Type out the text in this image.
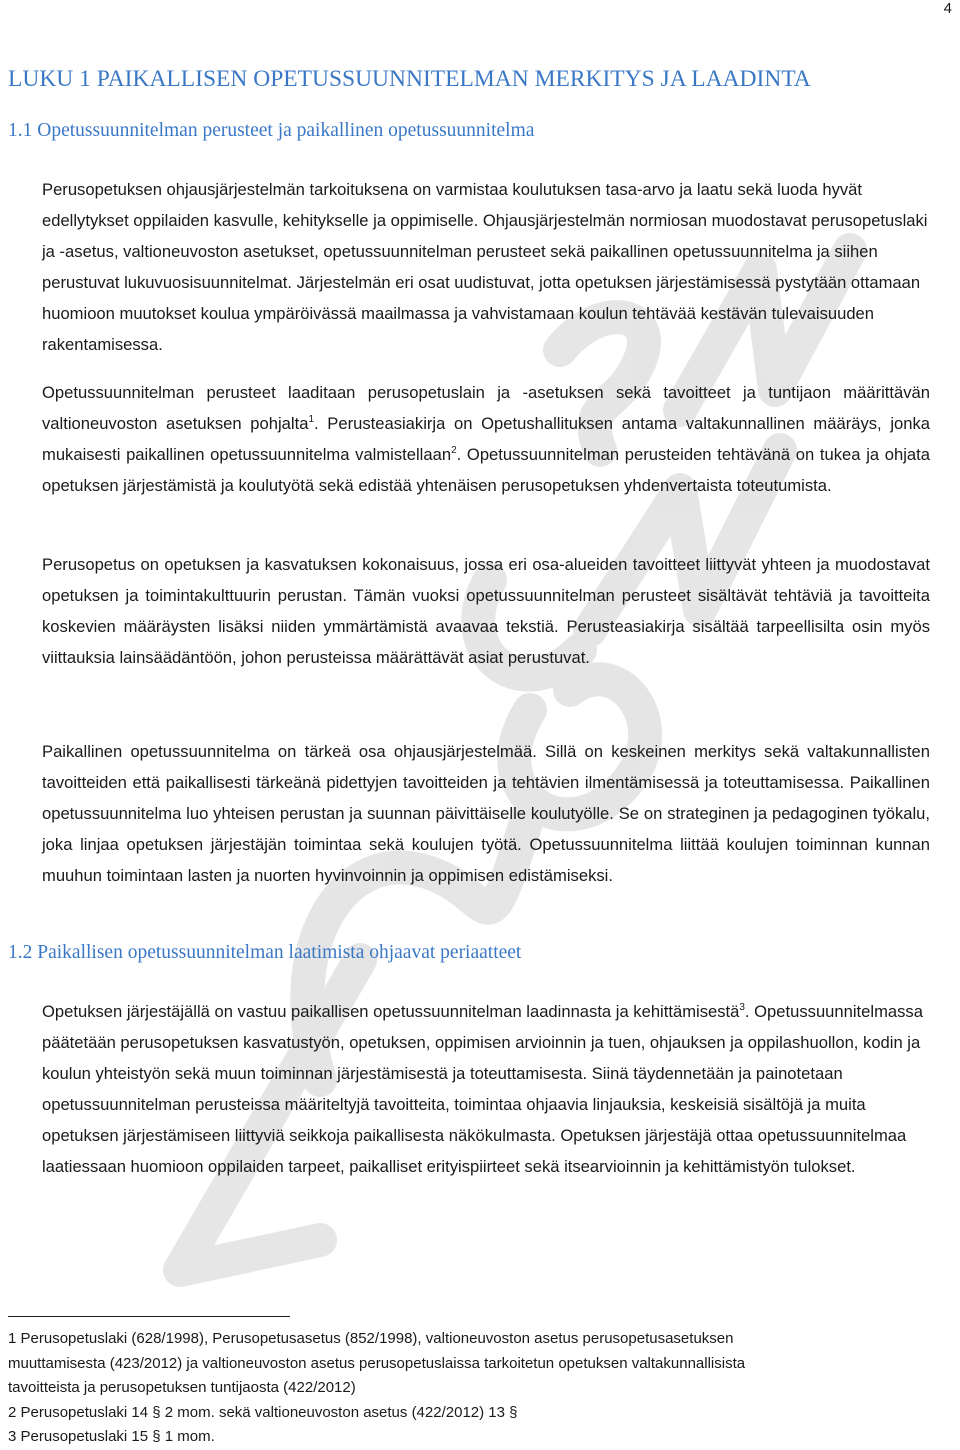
4
LUKU 1 PAIKALLISEN OPETUSSUUNNITELMAN MERKITYS JA LAADINTA
1.1 Opetussuunnitelman perusteet ja paikallinen opetussuunnitelma

Perusopetuksen ohjausjärjestelmän tarkoituksena on varmistaa koulutuksen tasa-arvo ja laatu sekä luoda hyvät edellytykset oppilaiden kasvulle, kehitykselle ja oppimiselle. Ohjausjärjestelmän normiosan muodostavat perusopetuslaki ja -asetus, valtioneuvoston asetukset, opetussuunnitelman perusteet sekä paikallinen opetussuunnitelma ja siihen perustuvat lukuvuosisuunnitelmat. Järjestelmän eri osat uudistuvat, jotta opetuksen järjestämisessä pystytään ottamaan huomioon muutokset koulua ympäröivässä maailmassa ja vahvistamaan koulun tehtävää kestävän tulevaisuuden rakentamisessa.

Opetussuunnitelman perusteet laaditaan perusopetuslain ja -asetuksen sekä tavoitteet ja tuntijaon määrittävän valtioneuvoston asetuksen pohjalta$^1$. Perusteasiakirja on Opetushallituksen antama valtakunnallinen määräys, jonka mukaisesti paikallinen opetussuunnitelma valmistellaan$^2$. Opetussuunnitelman perusteiden tehtävänä on tukea ja ohjata opetuksen järjestämistä ja koulutyötä sekä edistää yhtenäisen perusopetuksen yhdenvertaista toteutumista.

Perusopetus on opetuksen ja kasvatuksen kokonaisuus, jossa eri osa-alueiden tavoitteet liittyvät yhteen ja muodostavat opetuksen ja toimintakulttuurin perustan. Tämän vuoksi opetussuunnitelman perusteet sisältävät tehtäviä ja tavoitteita koskevien määräysten lisäksi niiden ymmärtämistä avaavaa tekstiä. Perusteasiakirja sisältää tarpeellisilta osin myös viittauksia lainsäädäntöön, johon perusteissa määrättävät asiat perustuvat.

Paikallinen opetussuunnitelma on tärkeä osa ohjausjärjestelmää. Sillä on keskeinen merkitys sekä valtakunnallisten tavoitteiden että paikallisesti tärkeänä pidettyjen tavoitteiden ja tehtävien ilmentämisessä ja toteuttamisessa. Paikallinen opetussuunnitelma luo yhteisen perustan ja suunnan päivittäiselle koulutyölle. Se on strateginen ja pedagoginen työkalu, joka linjaa opetuksen järjestäjän toimintaa sekä koulujen työtä. Opetussuunnitelma liittää koulujen toiminnan kunnan muuhun toimintaan lasten ja nuorten hyvinvoinnin ja oppimisen edistämiseksi.

1.2 Paikallisen opetussuunnitelman laatimista ohjaavat periaatteet

Opetuksen järjestäjällä on vastuu paikallisen opetussuunnitelman laadinnasta ja kehittämisestä$^3$. Opetussuunnitelmassa päätetään perusopetuksen kasvatustyön, opetuksen, oppimisen arvioinnin ja tuen, ohjauksen ja oppilashuollon, kodin ja koulun yhteistyön sekä muun toiminnan järjestämisestä ja toteuttamisesta. Siinä täydennetään ja painotetaan opetussuunnitelman perusteissa määriteltyjä tavoitteita, toimintaa ohjaavia linjauksia, keskeisiä sisältöjä ja muita opetuksen järjestämiseen liittyviä seikkoja paikallisesta näkökulmasta. Opetuksen järjestäjä ottaa opetussuunnitelmaa laatiessaan huomioon oppilaiden tarpeet, paikalliset erityispiirteet sekä itsearvioinnin ja kehittämistyön tulokset.

1 Perusopetuslaki (628/1998), Perusopetusasetus (852/1998), valtioneuvoston asetus perusopetusasetuksen
muuttamisesta (423/2012) ja valtioneuvoston asetus perusopetuslaissa tarkoitetun opetuksen valtakunnallisista
tavoitteista ja perusopetuksen tuntijaosta (422/2012)

2 Perusopetuslaki 14 § 2 mom. sekä valtioneuvoston asetus (422/2012) 13 §

3 Perusopetuslaki 15 § 1 mom.
